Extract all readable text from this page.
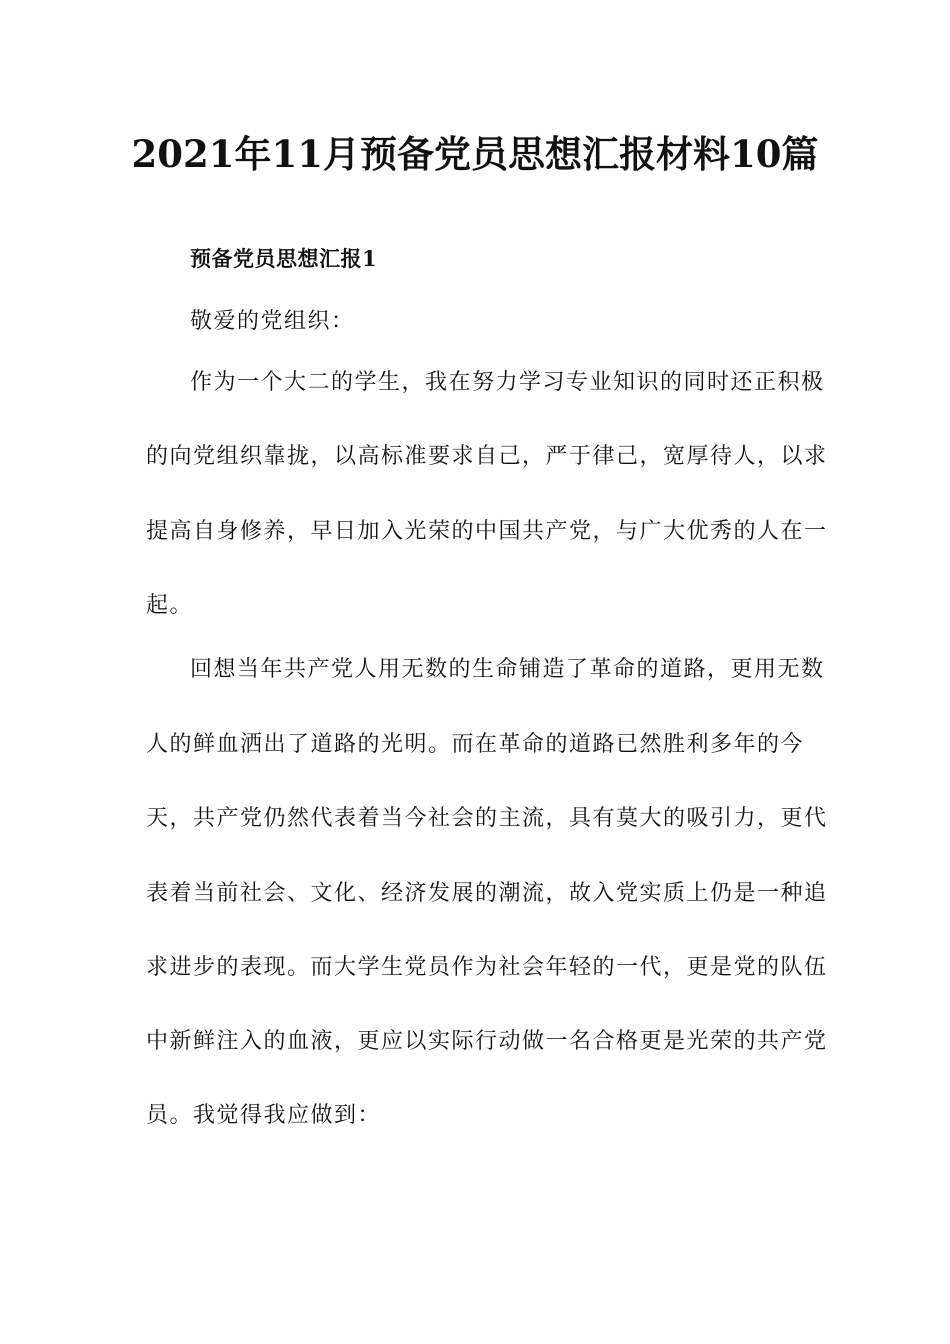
2021年11月预备党员思想汇报材料10篇

预备党员思想汇报1

敬爱的党组织：

作为一个大二的学生，我在努力学习专业知识的同时还正积极

的向党组织靠拢，以高标准要求自己，严于律己，宽厚待人，以求

提高自身修养，早日加入光荣的中国共产党，与广大优秀的人在一

起。

回想当年共产党人用无数的生命铺造了革命的道路，更用无数

人的鲜血洒出了道路的光明。而在革命的道路已然胜利多年的今

天，共产党仍然代表着当今社会的主流，具有莫大的吸引力，更代

表着当前社会、文化、经济发展的潮流，故入党实质上仍是一种追

求进步的表现。而大学生党员作为社会年轻的一代，更是党的队伍

中新鲜注入的血液，更应以实际行动做一名合格更是光荣的共产党

员。我觉得我应做到：
